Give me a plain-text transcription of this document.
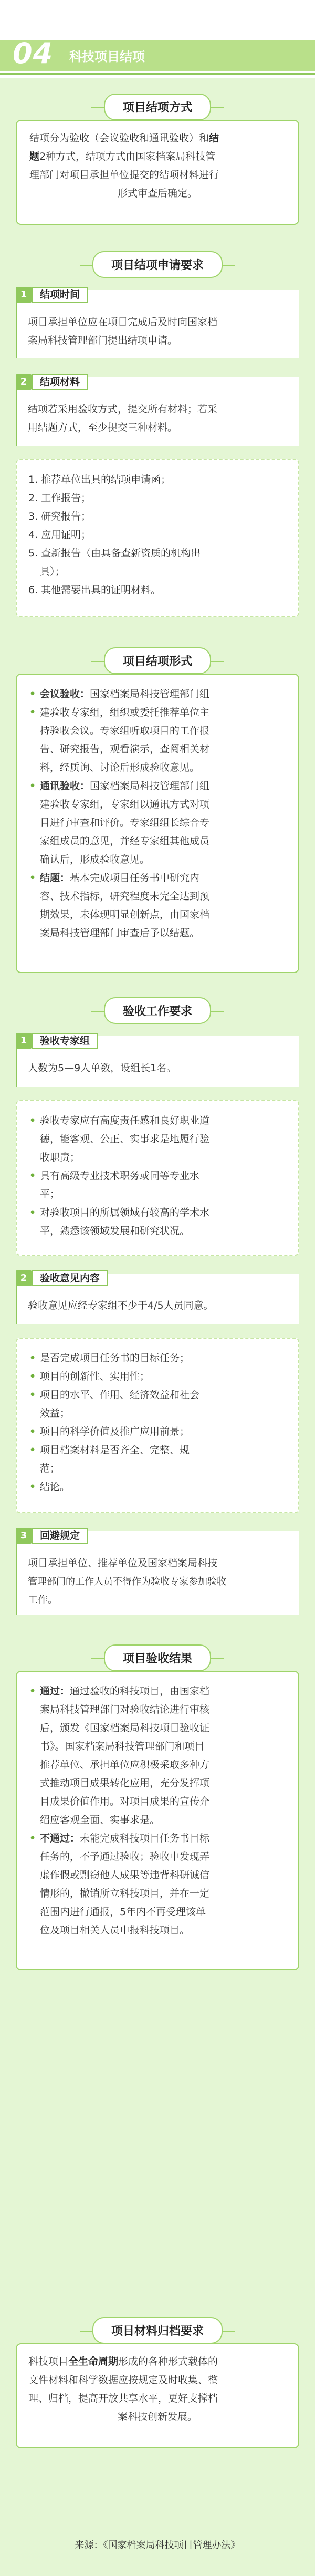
04 科技项目结项
项目结项方式
结项分为验收（会议验收和通讯验收）和结
题2种方式，结项方式由国家档案局科技管
理部门对项目承担单位提交的结项材料进行
形式审查后确定。
项目结项申请要求
项目承担单位应在项目完成后及时向国家档
案局科技管理部门提出结项申请。
1	结项时间
结项若采用验收方式，提交所有材料；若采
用结题方式，至少提交三种材料。
2	结项材料
1. 推荐单位出具的结项申请函；
2. 工作报告；
3. 研究报告；
4. 应用证明；
5. 查新报告（由具备查新资质的机构出
具）；
6. 其他需要出具的证明材料。
项目结项形式
• 会议验收：国家档案局科技管理部门组
• 建验收专家组，组织或委托推荐单位主
持验收会议。专家组听取项目的工作报
告、研究报告，观看演示，查阅相关材
料，经质询、讨论后形成验收意见。
• 通讯验收：国家档案局科技管理部门组
建验收专家组，专家组以通讯方式对项
目进行审查和评价。专家组组长综合专
家组成员的意见，并经专家组其他成员
确认后，形成验收意见。
• 结题：基本完成项目任务书中研究内
容、技术指标，研究程度未完全达到预
期效果，未体现明显创新点，由国家档
案局科技管理部门审查后予以结题。
验收工作要求
人数为5—9人单数，设组长1名。
1	验收专家组
• 验收专家应有高度责任感和良好职业道
德，能客观、公正、实事求是地履行验
收职责；
• 具有高级专业技术职务或同等专业水
平；
• 对验收项目的所属领域有较高的学术水
平，熟悉该领域发展和研究状况。
验收意见应经专家组不少于4/5人员同意。
2	验收意见内容
• 是否完成项目任务书的目标任务；
• 项目的创新性、实用性；
• 项目的水平、作用、经济效益和社会
效益；
• 项目的科学价值及推广应用前景；
• 项目档案材料是否齐全、完整、规
范；
• 结论。
项目承担单位、推荐单位及国家档案局科技
管理部门的工作人员不得作为验收专家参加验收
工作。
3	回避规定
项目验收结果
• 通过：通过验收的科技项目，由国家档
案局科技管理部门对验收结论进行审核
后，颁发《国家档案局科技项目验收证
书》。国家档案局科技管理部门和项目
推荐单位、承担单位应积极采取多种方
式推动项目成果转化应用，充分发挥项
目成果价值作用。对项目成果的宣传介
绍应客观全面、实事求是。
• 不通过：未能完成科技项目任务书目标
任务的，不予通过验收；验收中发现弄
虚作假或剽窃他人成果等违背科研诚信
情形的，撤销所立科技项目，并在一定
范围内进行通报，5年内不再受理该单
位及项目相关人员申报科技项目。
项目材料归档要求
科技项目全生命周期形成的各种形式载体的
文件材料和科学数据应按规定及时收集、整
理、归档，提高开放共享水平，更好支撑档
案科技创新发展。
来源：《国家档案局科技项目管理办法》
